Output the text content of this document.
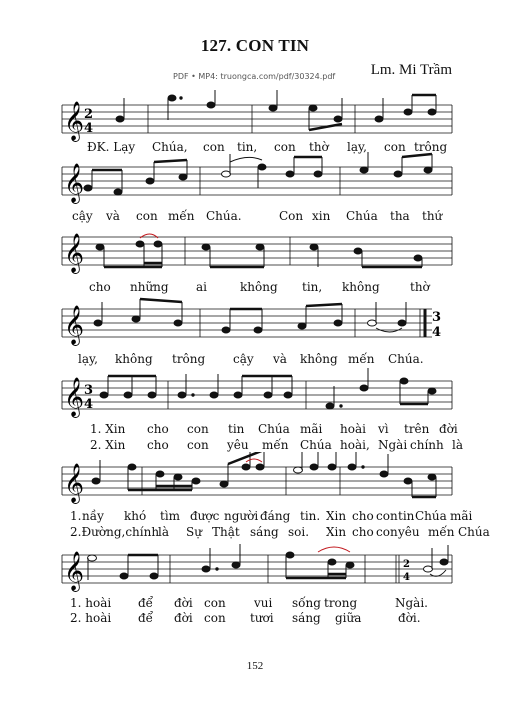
127. CON TIN
Lm. Mi Trầm
PDF • MP4: truongca.com/pdf/30324.pdf
𝄞 2
4
ĐK. Lạy Chúa, con tin, con thờ lạy, con trông
𝄞
cậy và con mến Chúa.	Con xin Chúa tha thứ
𝄞
cho những ai	không tin, không	thờ
𝄞	3
4
lạy, không trông cậy và không mến Chúa.
𝄞 3
4
1. Xin cho con tin Chúa mãi hoài vì trên đời
2. Xin cho con yêu mến Chúa hoài, Ngài chính là
𝄞
1. nầy khó tìm được người đáng tin. Xin cho con tin Chúa mãi
2.Đường,chính
là Sự Thật sáng soi. Xin cho con yêu mến Chúa
𝄞	2
4
1. hoài để đời con vui sống trong	Ngài.
2. hoài để đời con tươi sáng giữa	đời.
152
